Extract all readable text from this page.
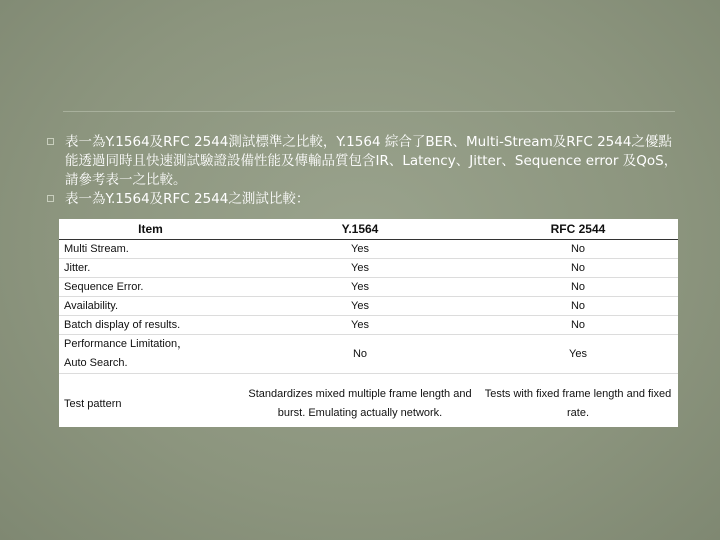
表一為Y.1564及RFC 2544測試標準之比較，Y.1564 綜合了BER、Multi-Stream及RFC 2544之優點能透過同時且快速測試驗證設備性能及傳輸品質包含IR、Latency、Jitter、Sequence error 及QoS，請參考表一之比較。
表一為Y.1564及RFC 2544之測試比較：
Item	Y.1564	RFC 2544
Multi Stream.	Yes	No
Jitter.	Yes	No
Sequence Error.	Yes	No
Availability.	Yes	No
Batch display of results.	Yes	No

Performance Limitation，
Auto Search.	No	Yes
Test pattern	Standardizes mixed multiple frame length and burst. Emulating actually network.	Tests with fixed frame length and fixed rate.
